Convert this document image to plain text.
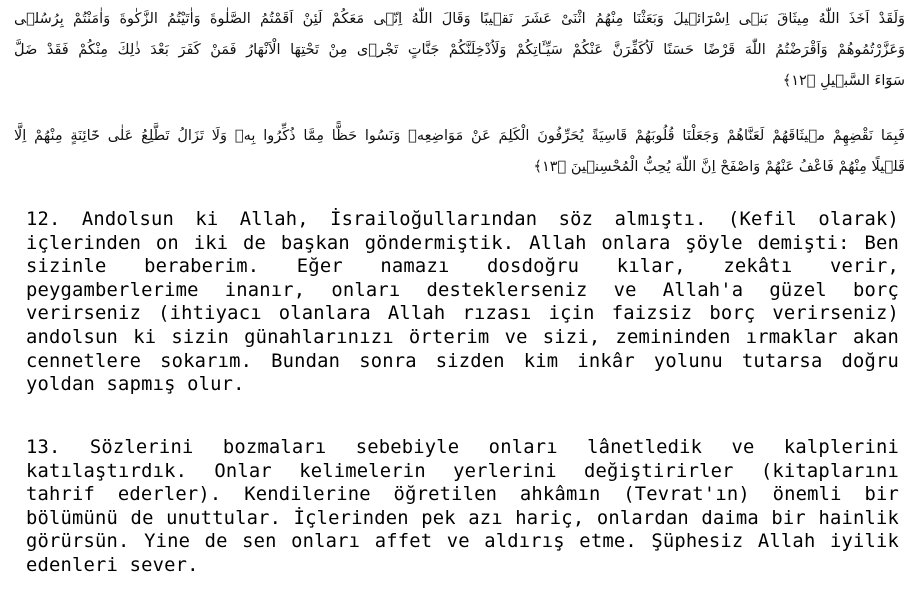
وَلَقَدْ اَخَذَ اللّٰهُ مِيثَاقَ بَنٖى اِسْرَٓائٖيلَ وَبَعَثْنَا مِنْهُمُ اثْنَىْ عَشَرَ نَقٖيبًا وَقَالَ اللّٰهُ اِنّٖى مَعَكُمْ لَئِنْ اَقَمْتُمُ الصَّلٰوةَ وَاٰتَيْتُمُ الزَّكٰوةَ وَاٰمَنْتُمْ بِرُسُلٖى
وَعَزَّرْتُمُوهُمْ وَاَقْرَضْتُمُ اللّٰهَ قَرْضًا حَسَنًا لَاُكَفِّرَنَّ عَنْكُمْ سَيِّـَٔاتِكُمْ وَلَاُدْخِلَنَّكُمْ جَنَّاتٍ تَجْرٖى مِنْ تَحْتِهَا الْاَنْهَارُ فَمَنْ كَفَرَ بَعْدَ ذٰلِكَ مِنْكُمْ فَقَدْ ضَلَّ
سَوَٓاءَ السَّبٖيلِ ﴿١٢﴾
فَبِمَا نَقْضِهِمْ مٖيثَاقَهُمْ لَعَنَّاهُمْ وَجَعَلْنَا قُلُوبَهُمْ قَاسِيَةً يُحَرِّفُونَ الْكَلِمَ عَنْ مَوَاضِعِهٖ وَنَسُوا حَظًّا مِمَّا ذُكِّرُوا بِهٖ وَلَا تَزَالُ تَطَّلِعُ عَلٰى خَٓائِنَةٍ مِنْهُمْ اِلَّا
قَلٖيلًا مِنْهُمْ فَاعْفُ عَنْهُمْ وَاصْفَحْ اِنَّ اللّٰهَ يُحِبُّ الْمُحْسِنٖينَ ﴿١٣﴾

12. Andolsun ki Allah, İsrailoğullarından söz almıştı. (Kefil olarak) içlerinden on iki de başkan göndermiştik. Allah onlara şöyle demişti: Ben sizinle beraberim. Eğer namazı dosdoğru kılar, zekâtı verir, peygamberlerime inanır, onları desteklerseniz ve Allah'a güzel borç verirseniz (ihtiyacı olanlara Allah rızası için faizsiz borç verirseniz) andolsun ki sizin günahlarınızı örterim ve sizi, zemininden ırmaklar akan cennetlere sokarım. Bundan sonra sizden kim inkâr yolunu tutarsa doğru yoldan sapmış olur.

13. Sözlerini bozmaları sebebiyle onları lânetledik ve kalplerini katılaştırdık. Onlar kelimelerin yerlerini değiştirirler (kitaplarını tahrif ederler). Kendilerine öğretilen ahkâmın (Tevrat'ın) önemli bir bölümünü de unuttular. İçlerinden pek azı hariç, onlardan daima bir hainlik görürsün. Yine de sen onları affet ve aldırış etme. Şüphesiz Allah iyilik edenleri sever.
